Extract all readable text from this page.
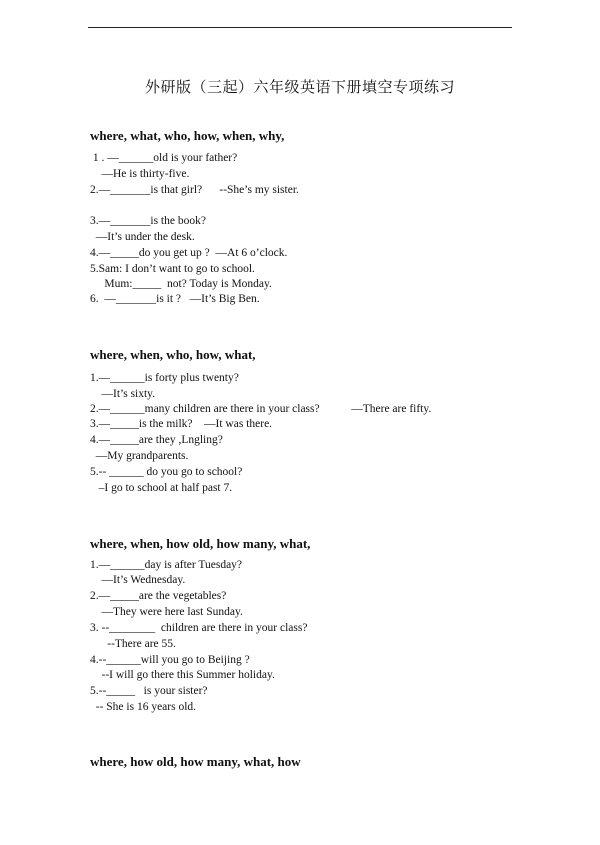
外研版（三起）六年级英语下册填空专项练习
where, what, who, how, when, why,
1 . —______old is your father?
—He is thirty-five.
2.—_______is that girl?      --She’s my sister.
3.—_______is the book?
—It’s under the desk.
4.—_____do you get up ?  —At 6 o’clock.
5.Sam: I don’t want to go to school.
Mum:_____  not? Today is Monday.
6.  —_______is it ?   —It’s Big Ben.
where, when, who, how, what,
1.—______is forty plus twenty?
—It’s sixty.
2.—______many children are there in your class?           —There are fifty.
3.—_____is the milk?    —It was there.
4.—_____are they ,Lngling?
—My grandparents.
5.-- ______ do you go to school?
–I go to school at half past 7.
where, when, how old, how many, what,
1.—______day is after Tuesday?
—It’s Wednesday.
2.—_____are the vegetables?
—They were here last Sunday.
3. --________  children are there in your class?
--There are 55.
4.--______will you go to Beijing ?
--I will go there this Summer holiday.
5.--_____   is your sister?
-- She is 16 years old.
where, how old, how many, what, how
